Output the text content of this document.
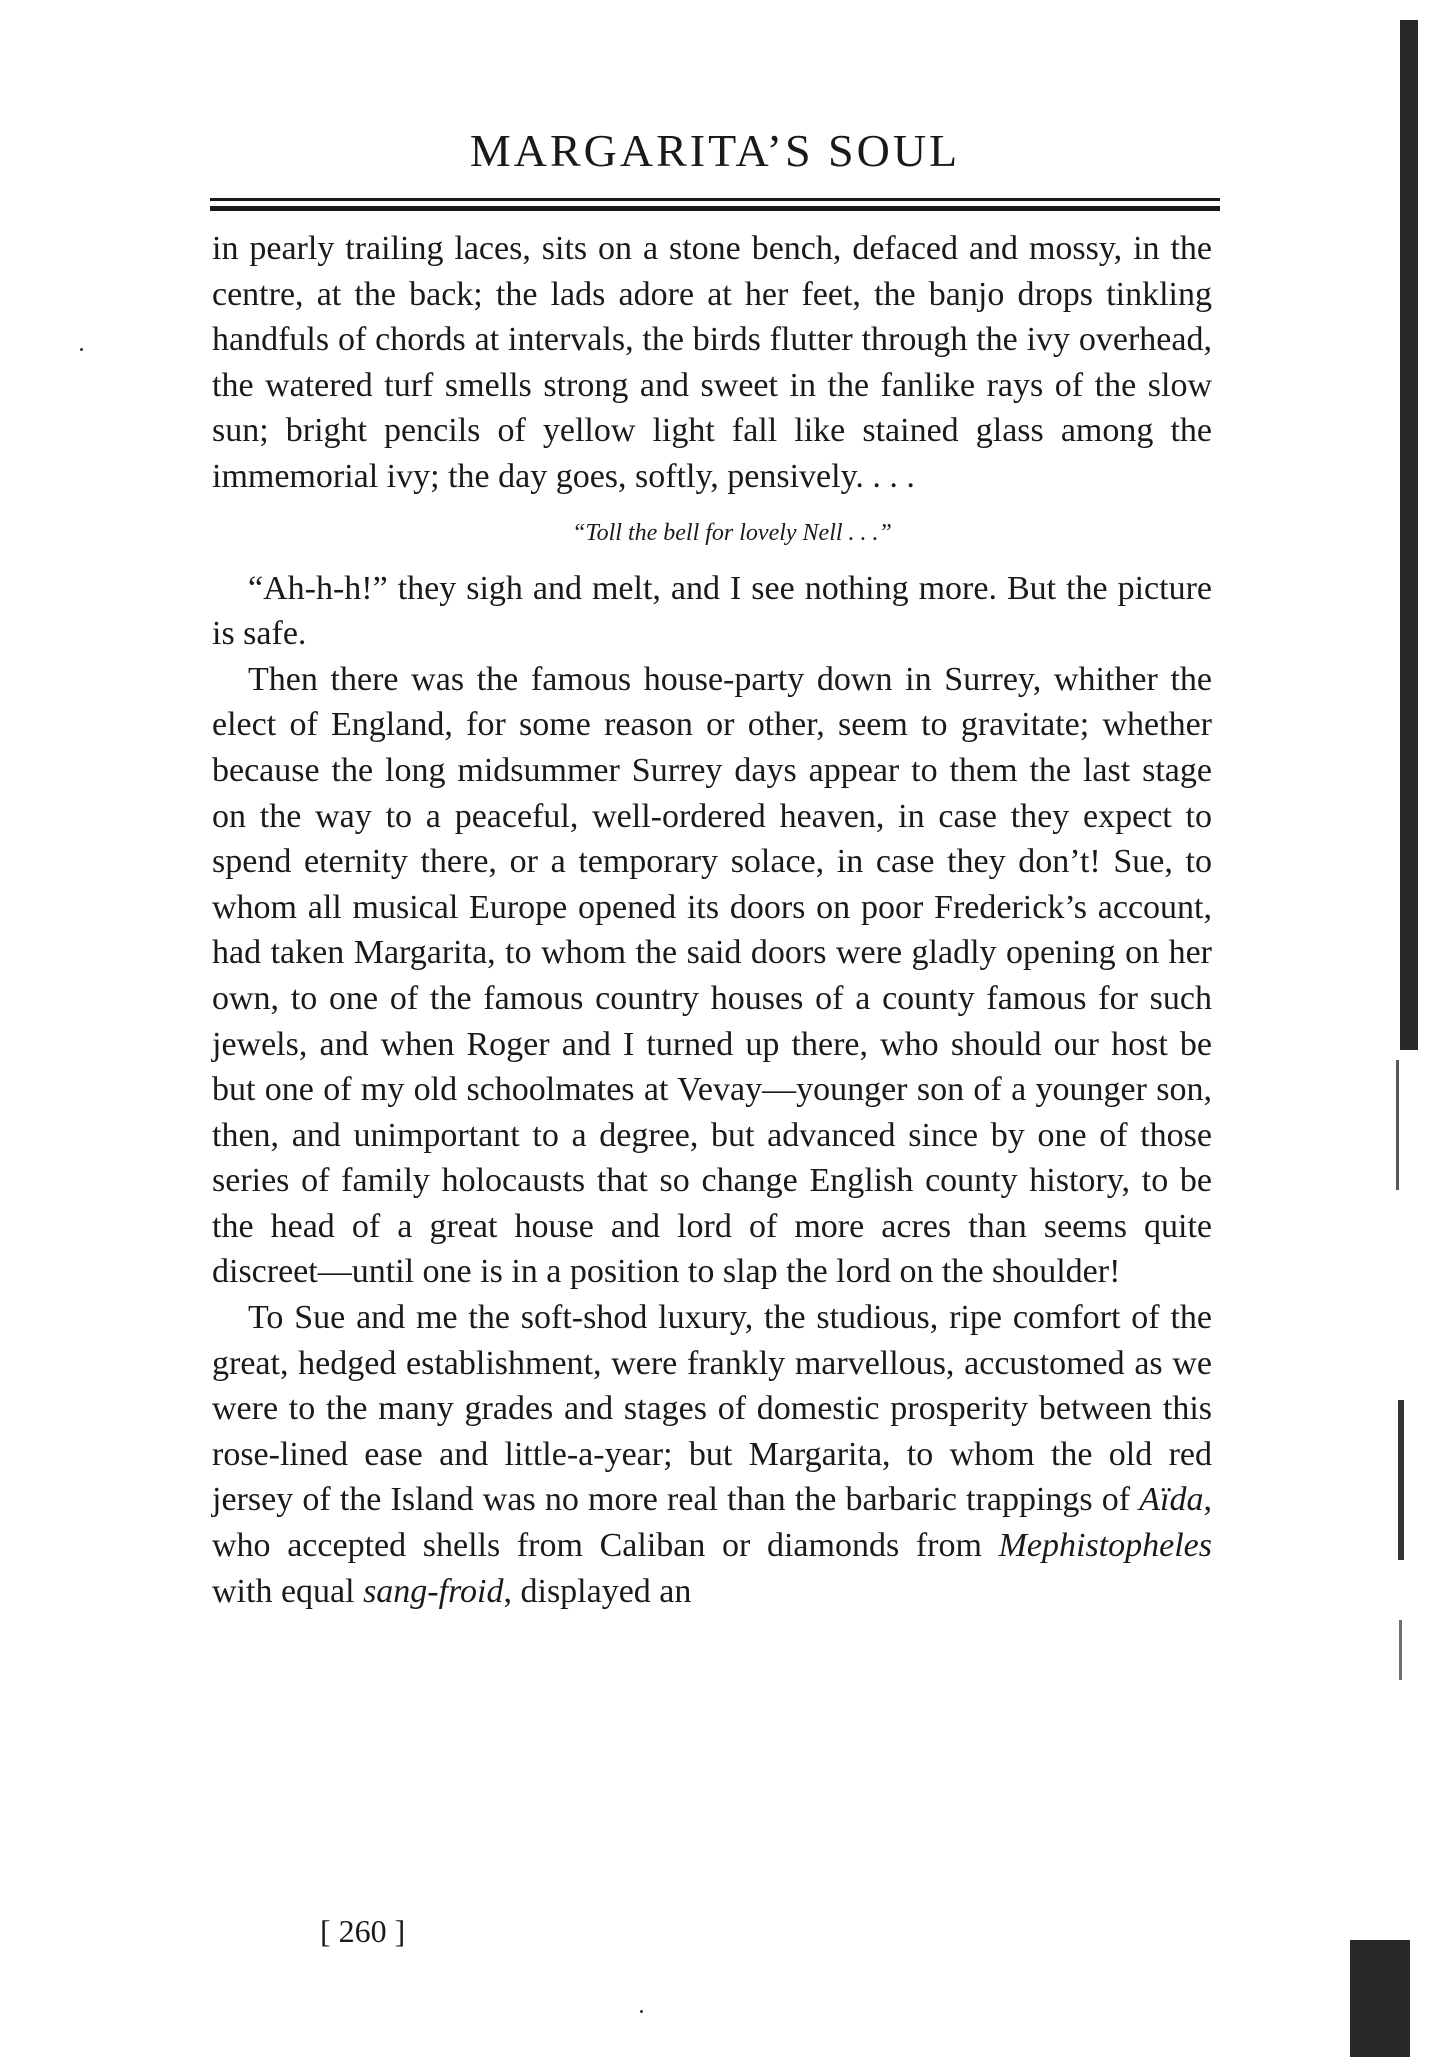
MARGARITA’S SOUL

in pearly trailing laces, sits on a stone bench, defaced and mossy, in the centre, at the back; the lads adore at her feet, the banjo drops tinkling handfuls of chords at intervals, the birds flutter through the ivy overhead, the watered turf smells strong and sweet in the fanlike rays of the slow sun; bright pencils of yellow light fall like stained glass among the immemorial ivy; the day goes, softly, pensively. . . .

“Toll the bell for lovely Nell . . .”

“Ah-h-h!” they sigh and melt, and I see nothing more. But the picture is safe.

Then there was the famous house-party down in Surrey, whither the elect of England, for some reason or other, seem to gravitate; whether because the long midsummer Surrey days appear to them the last stage on the way to a peaceful, well-ordered heaven, in case they expect to spend eternity there, or a temporary solace, in case they don’t! Sue, to whom all musical Europe opened its doors on poor Frederick’s account, had taken Margarita, to whom the said doors were gladly opening on her own, to one of the famous country houses of a county famous for such jewels, and when Roger and I turned up there, who should our host be but one of my old schoolmates at Vevay—younger son of a younger son, then, and unimportant to a degree, but advanced since by one of those series of family holocausts that so change English county history, to be the head of a great house and lord of more acres than seems quite discreet—until one is in a position to slap the lord on the shoulder!

To Sue and me the soft-shod luxury, the studious, ripe comfort of the great, hedged establishment, were frankly marvellous, accustomed as we were to the many grades and stages of domestic prosperity between this rose-lined ease and little-a-year; but Margarita, to whom the old red jersey of the Island was no more real than the barbaric trappings of Aïda, who accepted shells from Caliban or diamonds from Mephistopheles with equal sang-froid, displayed an

[ 260 ]
